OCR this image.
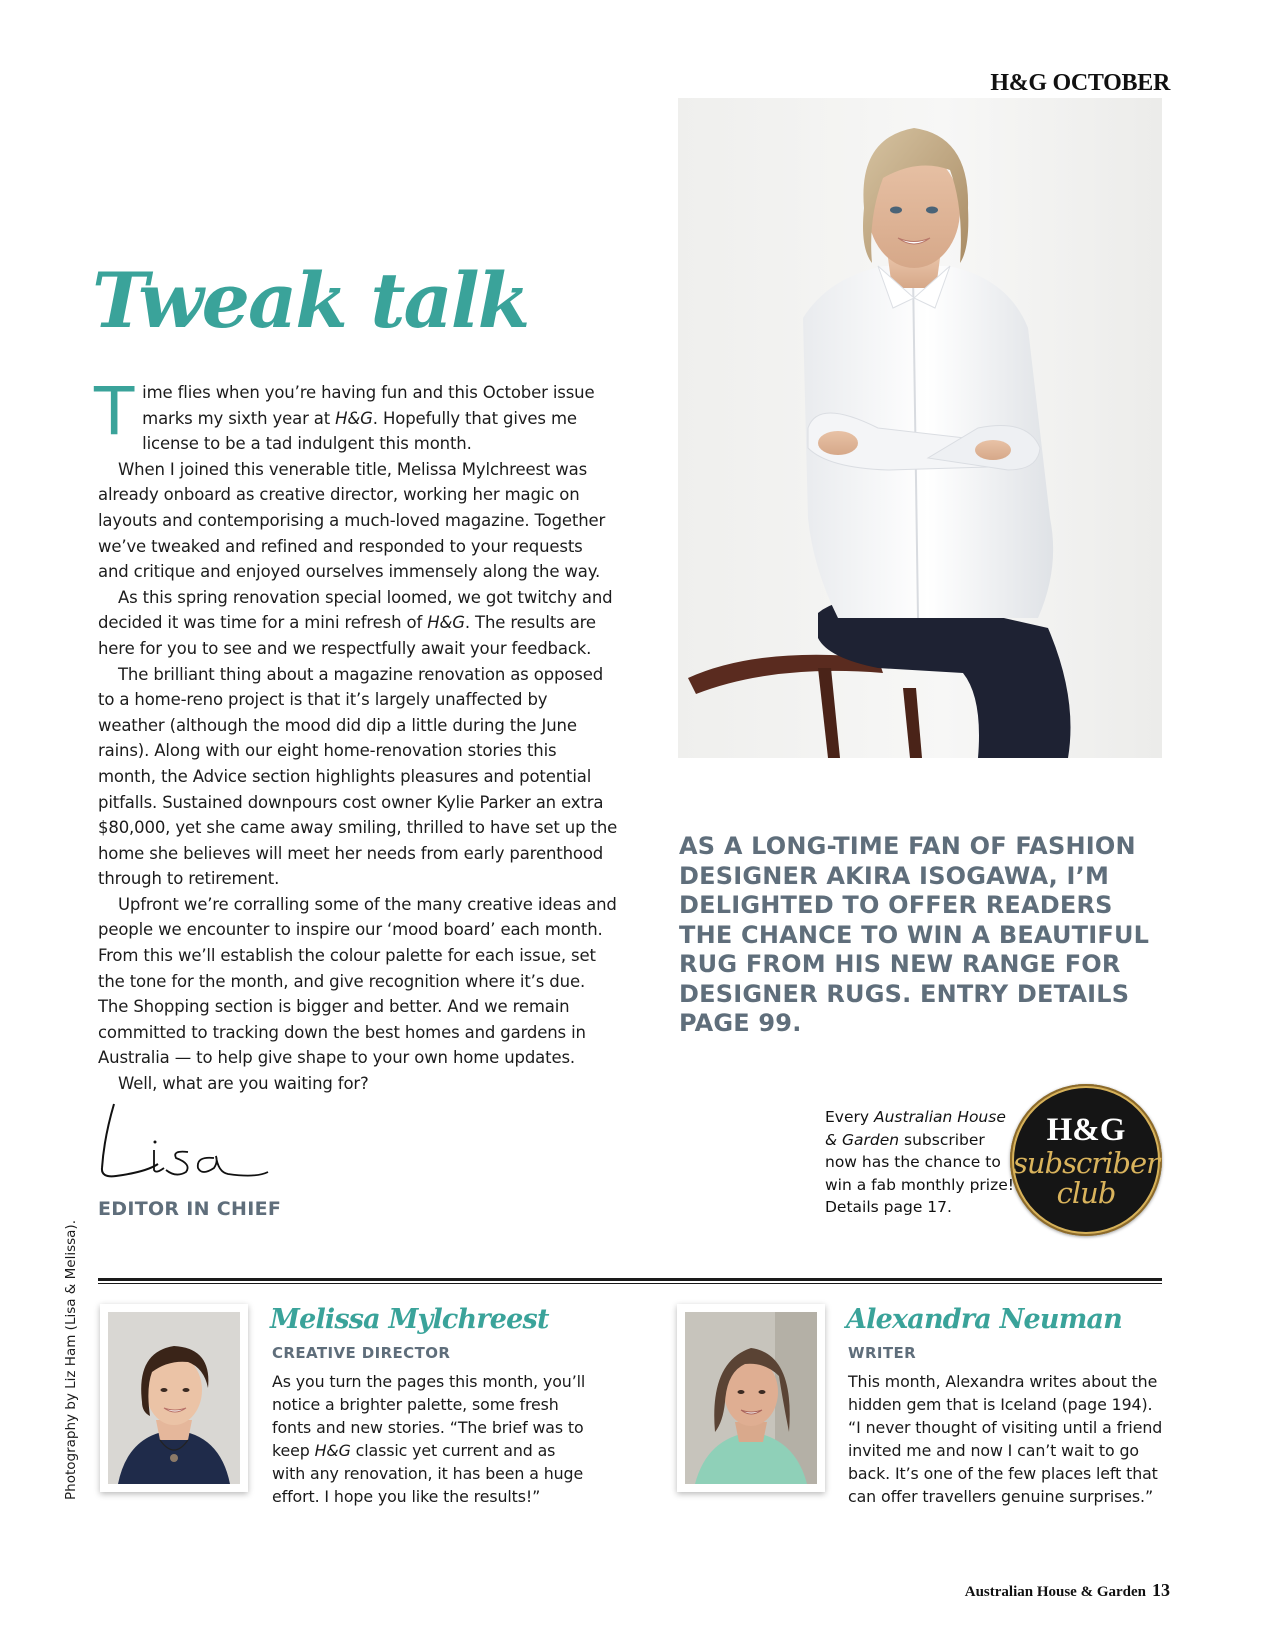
H&G OCTOBER
Tweak talk

T ime flies when you’re having fun and this October issue
marks my sixth year at H&G. Hopefully that gives me
license to be a tad indulgent this month.

When I joined this venerable title, Melissa Mylchreest was already onboard as creative director, working her magic on layouts and contemporising a much-loved magazine. Together we’ve tweaked and refined and responded to your requests and critique and enjoyed ourselves immensely along the way.

As this spring renovation special loomed, we got twitchy and decided it was time for a mini refresh of H&G. The results are here for you to see and we respectfully await your feedback.

The brilliant thing about a magazine renovation as opposed to a home-reno project is that it’s largely unaffected by weather (although the mood did dip a little during the June rains). Along with our eight home-renovation stories this month, the Advice section highlights pleasures and potential pitfalls. Sustained downpours cost owner Kylie Parker an extra $80,000, yet she came away smiling, thrilled to have set up the home she believes will meet her needs from early parenthood through to retirement.

Upfront we’re corralling some of the many creative ideas and people we encounter to inspire our ‘mood board’ each month. From this we’ll establish the colour palette for each issue, set the tone for the month, and give recognition where it’s due. The Shopping section is bigger and better. And we remain committed to tracking down the best homes and gardens in Australia — to help give shape to your own home updates.

Well, what are you waiting for?

EDITOR IN CHIEF
AS A LONG-TIME FAN OF FASHION DESIGNER AKIRA ISOGAWA, I’M DELIGHTED TO OFFER READERS THE CHANCE TO WIN A BEAUTIFUL RUG FROM HIS NEW RANGE FOR DESIGNER RUGS. ENTRY DETAILS PAGE 99.
Every Australian House & Garden subscriber now has the chance to win a fab monthly prize! Details page 17.
H&G
subscriber
club
Photography by Liz Ham (Lisa & Melissa).	Melissa Mylchreest
CREATIVE DIRECTOR
As you turn the pages this month, you’ll notice a brighter palette, some fresh fonts and new stories. “The brief was to keep H&G classic yet current and as with any renovation, it has been a huge effort. I hope you like the results!”
Alexandra Neuman
WRITER
This month, Alexandra writes about the hidden gem that is Iceland (page 194). “I never thought of visiting until a friend invited me and now I can’t wait to go back. It’s one of the few places left that can offer travellers genuine surprises.”
Australian House & Garden 13
